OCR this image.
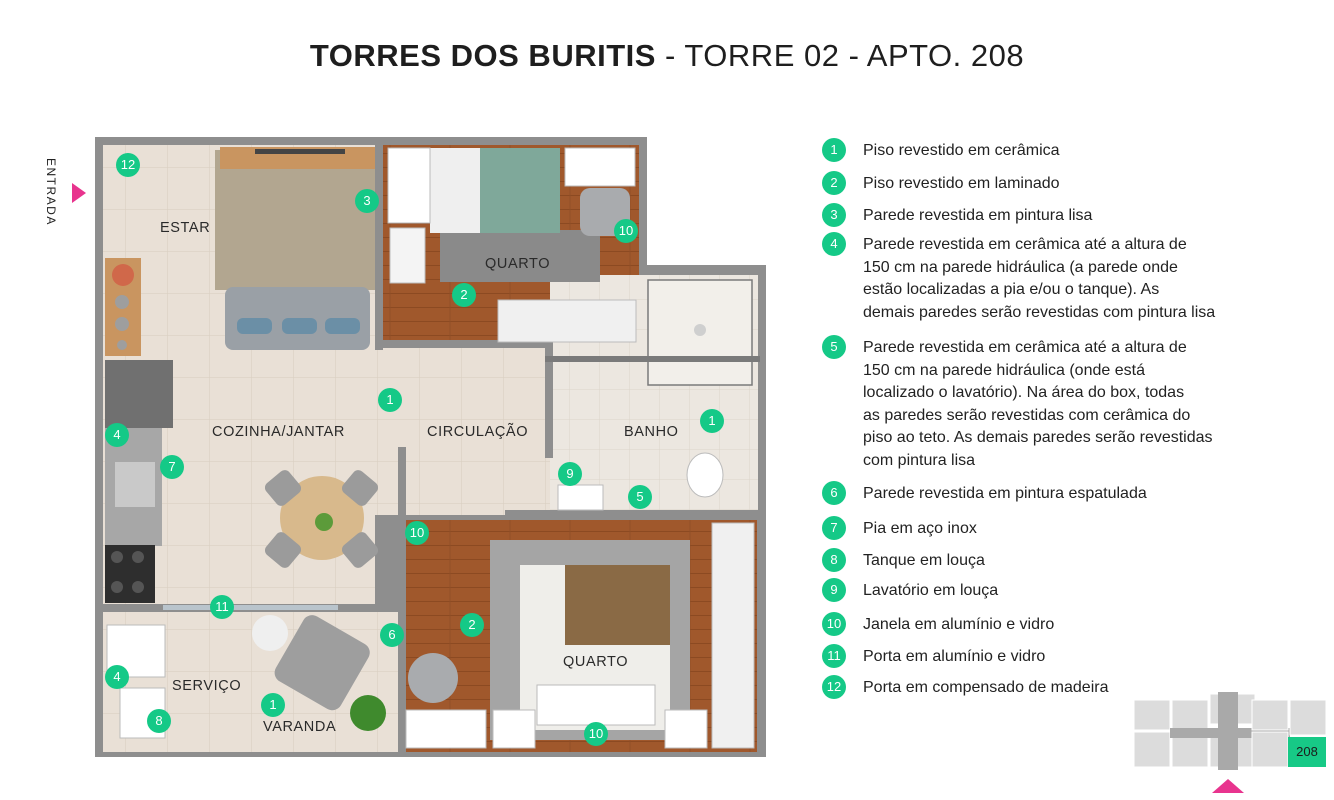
TORRES DOS BURITIS - TORRE 02 - APTO. 208
ENTRADA
ESTAR
QUARTO
COZINHA/JANTAR	CIRCULAÇÃO	BANHO
QUARTO
SERVIÇO
VARANDA
12
3
10
2
1
1
4
7	9
5
10
11
6
2
4
1
8
10
1	Piso revestido em cerâmica
2	Piso revestido em laminado
3	Parede revestida em pintura lisa
4	Parede revestida em cerâmica até a altura de
150 cm na parede hidráulica (a parede onde
estão localizadas a pia e/ou o tanque). As
demais paredes serão revestidas com pintura lisa
5	Parede revestida em cerâmica até a altura de
150 cm na parede hidráulica (onde está
localizado o lavatório). Na área do box, todas
as paredes serão revestidas com cerâmica do
piso ao teto. As demais paredes serão revestidas
com pintura lisa
6	Parede revestida em pintura espatulada
7	Pia em aço inox
8	Tanque em louça
9	Lavatório em louça
10 Janela em alumínio e vidro
11	Porta em alumínio e vidro
12 Porta em compensado de madeira
208
